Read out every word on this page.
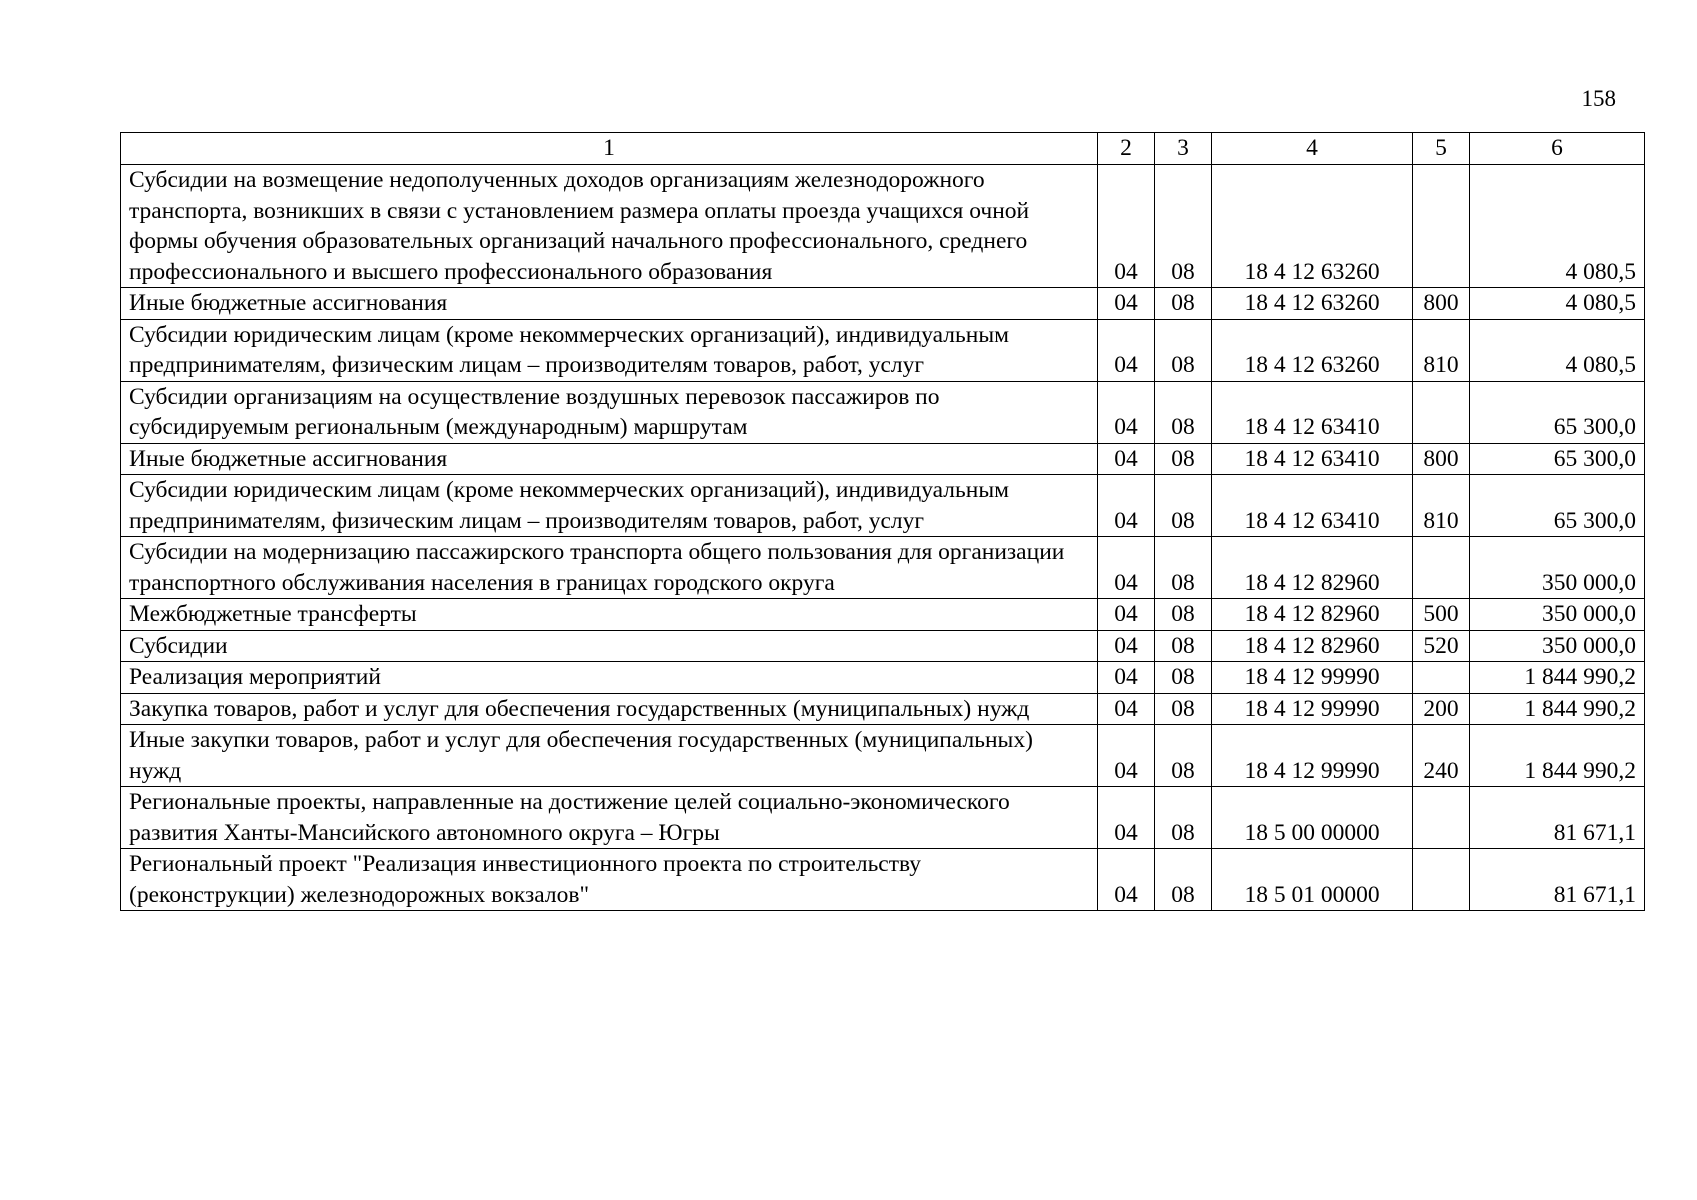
158
1	2	3	4	5	6
Субсидии на возмещение недополученных доходов организациям железнодорожного транспорта, возникших в связи с установлением размера оплаты проезда учащихся очной формы обучения образовательных организаций начального профессионального, среднего профессионального и высшего профессионального образования	04	08	18 4 12 63260		4 080,5
Иные бюджетные ассигнования	04	08	18 4 12 63260	800	4 080,5
Субсидии юридическим лицам (кроме некоммерческих организаций), индивидуальным предпринимателям, физическим лицам – производителям товаров, работ, услуг	04	08	18 4 12 63260	810	4 080,5
Субсидии организациям на осуществление воздушных перевозок пассажиров по субсидируемым региональным (международным) маршрутам	04	08	18 4 12 63410		65 300,0
Иные бюджетные ассигнования	04	08	18 4 12 63410	800	65 300,0
Субсидии юридическим лицам (кроме некоммерческих организаций), индивидуальным предпринимателям, физическим лицам – производителям товаров, работ, услуг	04	08	18 4 12 63410	810	65 300,0
Субсидии на модернизацию пассажирского транспорта общего пользования для организации транспортного обслуживания населения в границах городского округа	04	08	18 4 12 82960		350 000,0
Межбюджетные трансферты	04	08	18 4 12 82960	500	350 000,0
Субсидии	04	08	18 4 12 82960	520	350 000,0
Реализация мероприятий	04	08	18 4 12 99990		1 844 990,2
Закупка товаров, работ и услуг для обеспечения государственных (муниципальных) нужд	04	08	18 4 12 99990	200	1 844 990,2
Иные закупки товаров, работ и услуг для обеспечения государственных (муниципальных) нужд	04	08	18 4 12 99990	240	1 844 990,2
Региональные проекты, направленные на достижение целей социально-экономического развития Ханты-Мансийского автономного округа – Югры	04	08	18 5 00 00000		81 671,1
Региональный проект "Реализация инвестиционного проекта по строительству (реконструкции) железнодорожных вокзалов"	04	08	18 5 01 00000		81 671,1
